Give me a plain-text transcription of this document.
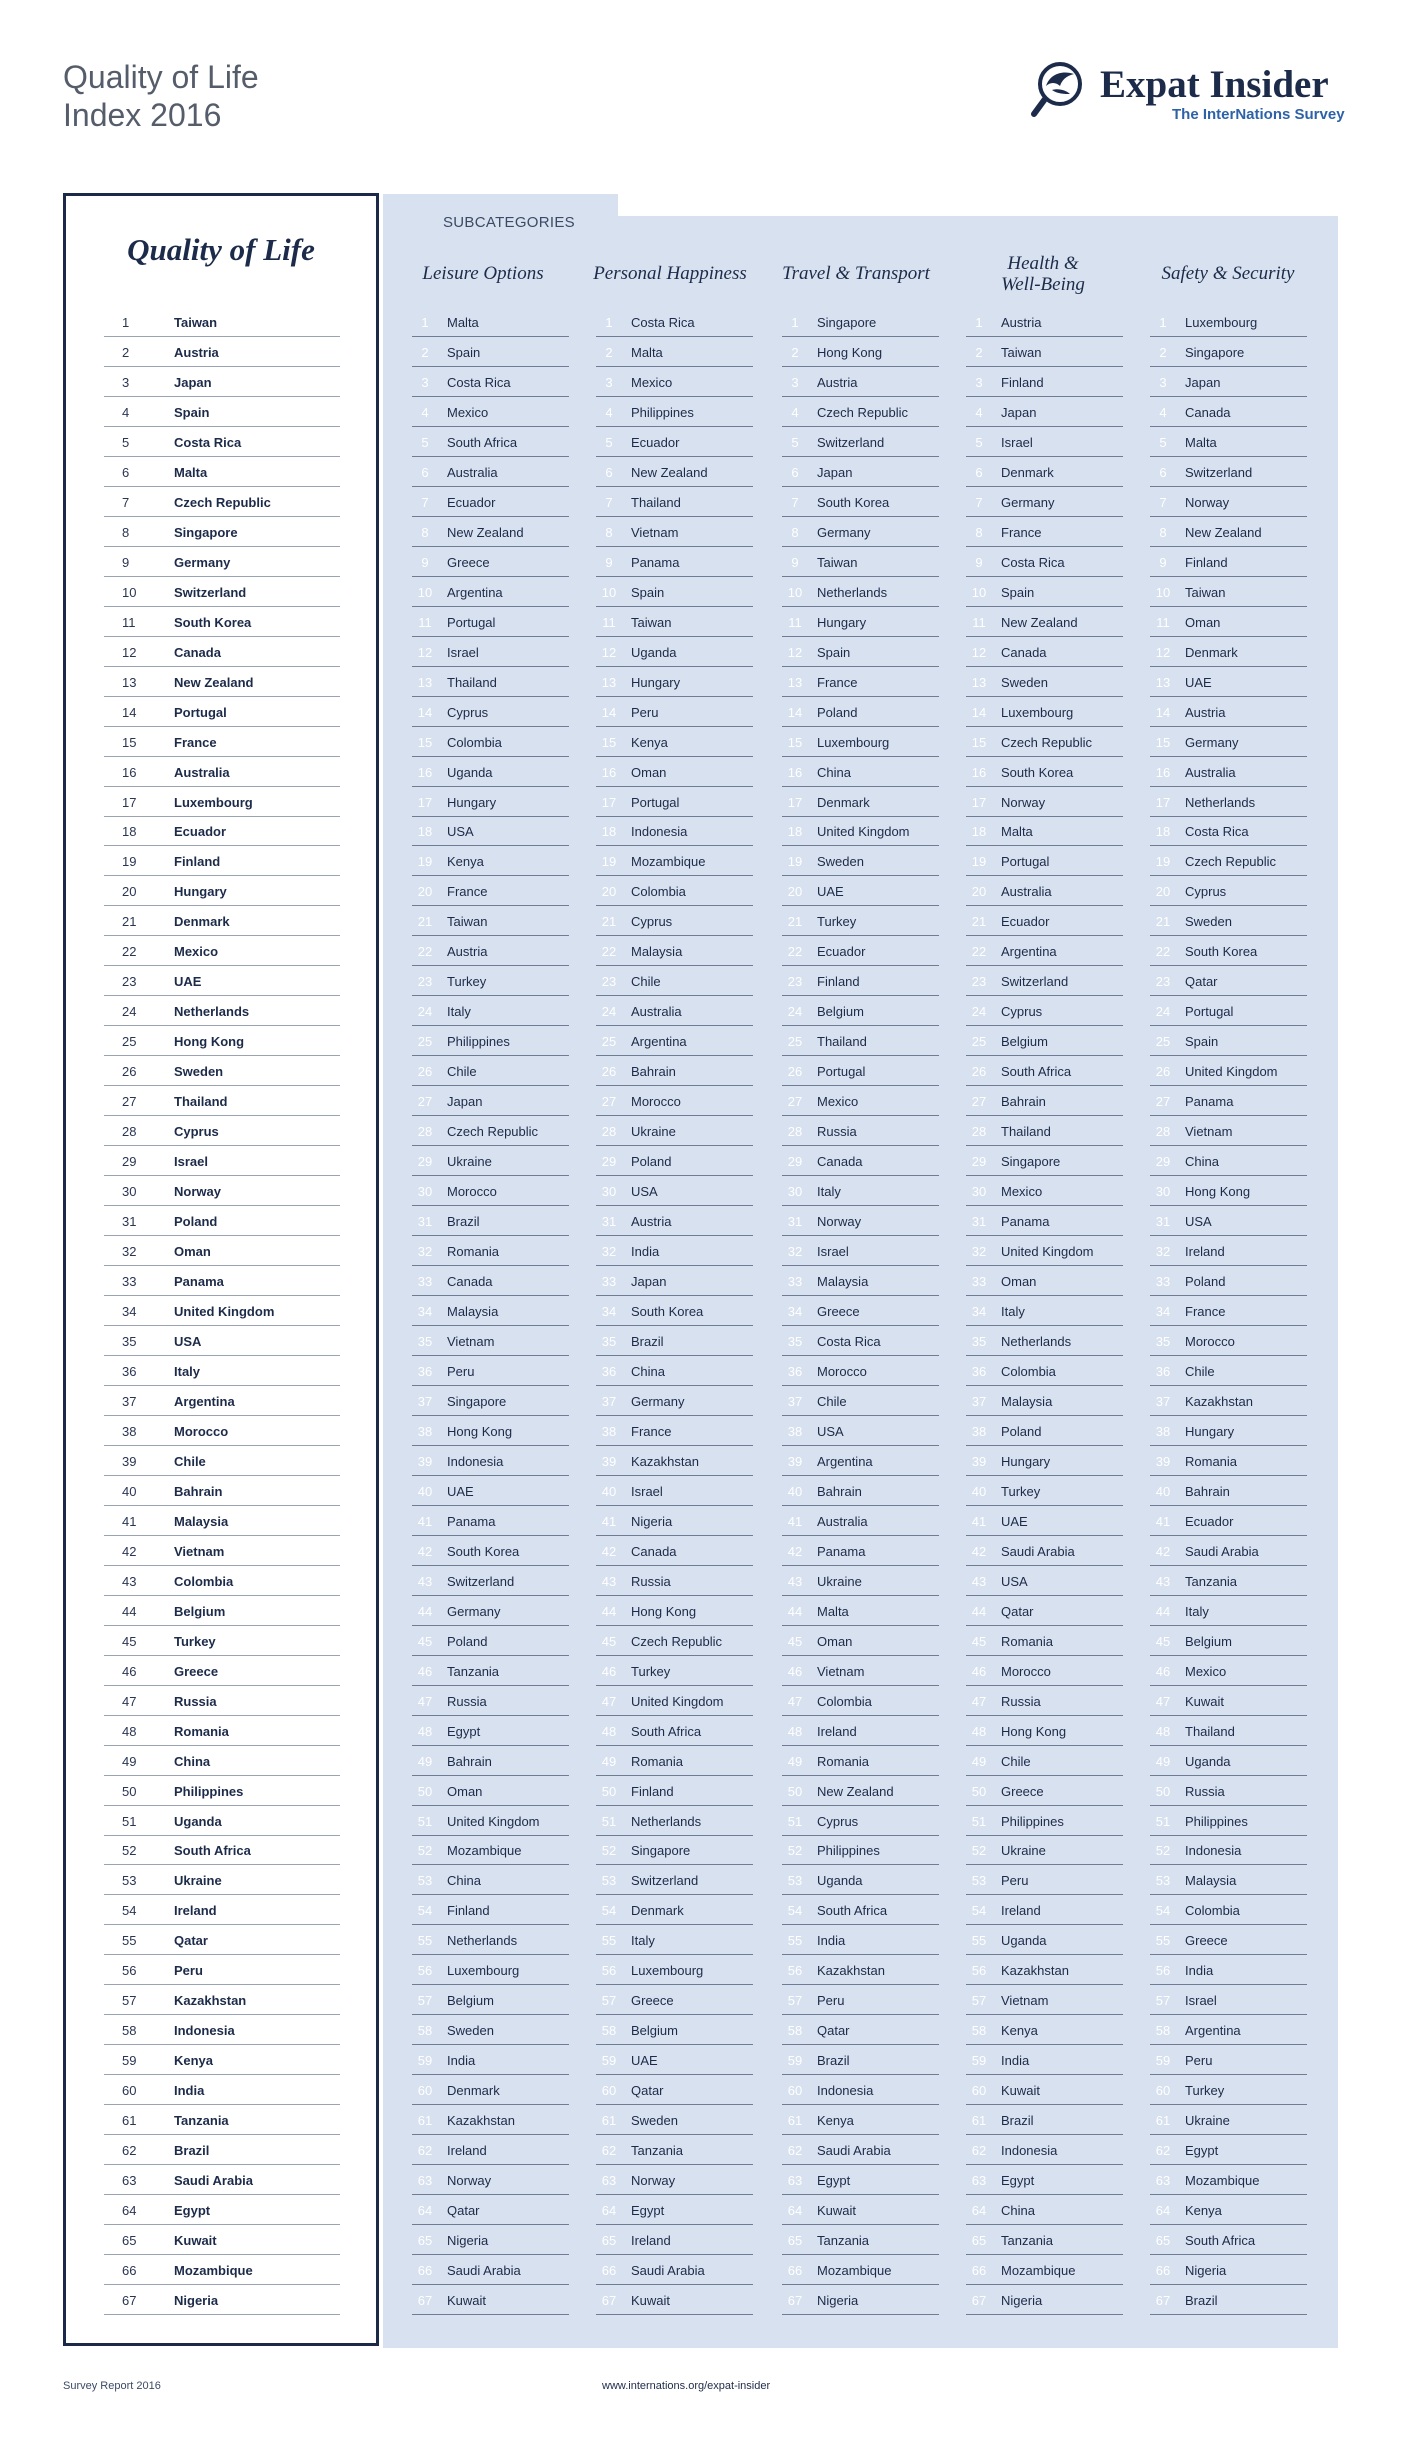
Quality of Life
Index 2016
Expat Insider
The InterNations Survey
SUBCATEGORIES
Quality of Life
1	Taiwan
2	Austria
3	Japan
4	Spain
5	Costa Rica
6	Malta
7	Czech Republic
8	Singapore
9	Germany
10	Switzerland
11	South Korea
12	Canada
13	New Zealand
14	Portugal
15	France
16	Australia
17	Luxembourg
18	Ecuador
19	Finland
20	Hungary
21	Denmark
22	Mexico
23	UAE
24	Netherlands
25	Hong Kong
26	Sweden
27	Thailand
28	Cyprus
29	Israel
30	Norway
31	Poland
32	Oman
33	Panama
34	United Kingdom
35	USA
36	Italy
37	Argentina
38	Morocco
39	Chile
40	Bahrain
41	Malaysia
42	Vietnam
43	Colombia
44	Belgium
45	Turkey
46	Greece
47	Russia
48	Romania
49	China
50	Philippines
51	Uganda
52	South Africa
53	Ukraine
54	Ireland
55	Qatar
56	Peru
57	Kazakhstan
58	Indonesia
59	Kenya
60	India
61	Tanzania
62	Brazil
63	Saudi Arabia
64	Egypt
65	Kuwait
66	Mozambique
67	Nigeria
Leisure Options
1	Malta
2	Spain
3	Costa Rica
4	Mexico
5	South Africa
6	Australia
7	Ecuador
8	New Zealand
9	Greece
10 Argentina
11	Portugal
12 Israel
13 Thailand
14 Cyprus
15 Colombia
16 Uganda
17 Hungary
18 USA
19 Kenya
20 France
21 Taiwan
22 Austria
23 Turkey
24 Italy
25 Philippines
26 Chile
27 Japan
28 Czech Republic
29 Ukraine
30 Morocco
31 Brazil
32 Romania
33 Canada
34 Malaysia
35 Vietnam
36 Peru
37 Singapore
38 Hong Kong
39 Indonesia
40 UAE
41 Panama
42 South Korea
43 Switzerland
44 Germany
45 Poland
46 Tanzania
47 Russia
48 Egypt
49 Bahrain
50 Oman
51 United Kingdom
52 Mozambique
53 China
54 Finland
55 Netherlands
56 Luxembourg
57 Belgium
58 Sweden
59 India
60 Denmark
61 Kazakhstan
62 Ireland
63 Norway
64 Qatar
65 Nigeria
66 Saudi Arabia
67 Kuwait
Personal Happiness
1	Costa Rica
2	Malta
3	Mexico
4	Philippines
5	Ecuador
6	New Zealand
7	Thailand
8	Vietnam
9	Panama
10 Spain
11	Taiwan
12 Uganda
13 Hungary
14 Peru
15 Kenya
16 Oman
17 Portugal
18 Indonesia
19 Mozambique
20 Colombia
21 Cyprus
22 Malaysia
23 Chile
24 Australia
25 Argentina
26 Bahrain
27 Morocco
28 Ukraine
29 Poland
30 USA
31 Austria
32 India
33 Japan
34 South Korea
35 Brazil
36 China
37 Germany
38 France
39 Kazakhstan
40 Israel
41 Nigeria
42 Canada
43 Russia
44 Hong Kong
45 Czech Republic
46 Turkey
47 United Kingdom
48 South Africa
49 Romania
50 Finland
51 Netherlands
52 Singapore
53 Switzerland
54 Denmark
55 Italy
56 Luxembourg
57 Greece
58 Belgium
59 UAE
60 Qatar
61 Sweden
62 Tanzania
63 Norway
64 Egypt
65 Ireland
66 Saudi Arabia
67 Kuwait
Travel & Transport
1	Singapore
2	Hong Kong
3	Austria
4	Czech Republic
5	Switzerland
6	Japan
7	South Korea
8	Germany
9	Taiwan
10 Netherlands
11	Hungary
12 Spain
13 France
14 Poland
15 Luxembourg
16 China
17 Denmark
18 United Kingdom
19 Sweden
20 UAE
21 Turkey
22 Ecuador
23 Finland
24 Belgium
25 Thailand
26 Portugal
27 Mexico
28 Russia
29 Canada
30 Italy
31 Norway
32 Israel
33 Malaysia
34 Greece
35 Costa Rica
36 Morocco
37 Chile
38 USA
39 Argentina
40 Bahrain
41 Australia
42 Panama
43 Ukraine
44 Malta
45 Oman
46 Vietnam
47 Colombia
48 Ireland
49 Romania
50 New Zealand
51 Cyprus
52 Philippines
53 Uganda
54 South Africa
55 India
56 Kazakhstan
57 Peru
58 Qatar
59 Brazil
60 Indonesia
61 Kenya
62 Saudi Arabia
63 Egypt
64 Kuwait
65 Tanzania
66 Mozambique
67 Nigeria
Health &
Well-Being
1	Austria
2	Taiwan
3	Finland
4	Japan
5	Israel
6	Denmark
7	Germany
8	France
9	Costa Rica
10 Spain
11	New Zealand
12 Canada
13 Sweden
14 Luxembourg
15 Czech Republic
16 South Korea
17 Norway
18 Malta
19 Portugal
20 Australia
21 Ecuador
22 Argentina
23 Switzerland
24 Cyprus
25 Belgium
26 South Africa
27 Bahrain
28 Thailand
29 Singapore
30 Mexico
31 Panama
32 United Kingdom
33 Oman
34 Italy
35 Netherlands
36 Colombia
37 Malaysia
38 Poland
39 Hungary
40 Turkey
41 UAE
42 Saudi Arabia
43 USA
44 Qatar
45 Romania
46 Morocco
47 Russia
48 Hong Kong
49 Chile
50 Greece
51 Philippines
52 Ukraine
53 Peru
54 Ireland
55 Uganda
56 Kazakhstan
57 Vietnam
58 Kenya
59 India
60 Kuwait
61 Brazil
62 Indonesia
63 Egypt
64 China
65 Tanzania
66 Mozambique
67 Nigeria
Safety & Security
1	Luxembourg
2	Singapore
3	Japan
4	Canada
5	Malta
6	Switzerland
7	Norway
8	New Zealand
9	Finland
10 Taiwan
11	Oman
12 Denmark
13 UAE
14 Austria
15 Germany
16 Australia
17 Netherlands
18 Costa Rica
19 Czech Republic
20 Cyprus
21 Sweden
22 South Korea
23 Qatar
24 Portugal
25 Spain
26 United Kingdom
27 Panama
28 Vietnam
29 China
30 Hong Kong
31 USA
32 Ireland
33 Poland
34 France
35 Morocco
36 Chile
37 Kazakhstan
38 Hungary
39 Romania
40 Bahrain
41 Ecuador
42 Saudi Arabia
43 Tanzania
44 Italy
45 Belgium
46 Mexico
47 Kuwait
48 Thailand
49 Uganda
50 Russia
51 Philippines
52 Indonesia
53 Malaysia
54 Colombia
55 Greece
56 India
57 Israel
58 Argentina
59 Peru
60 Turkey
61 Ukraine
62 Egypt
63 Mozambique
64 Kenya
65 South Africa
66 Nigeria
67 Brazil
Survey Report 2016	www.internations.org/expat-insider
